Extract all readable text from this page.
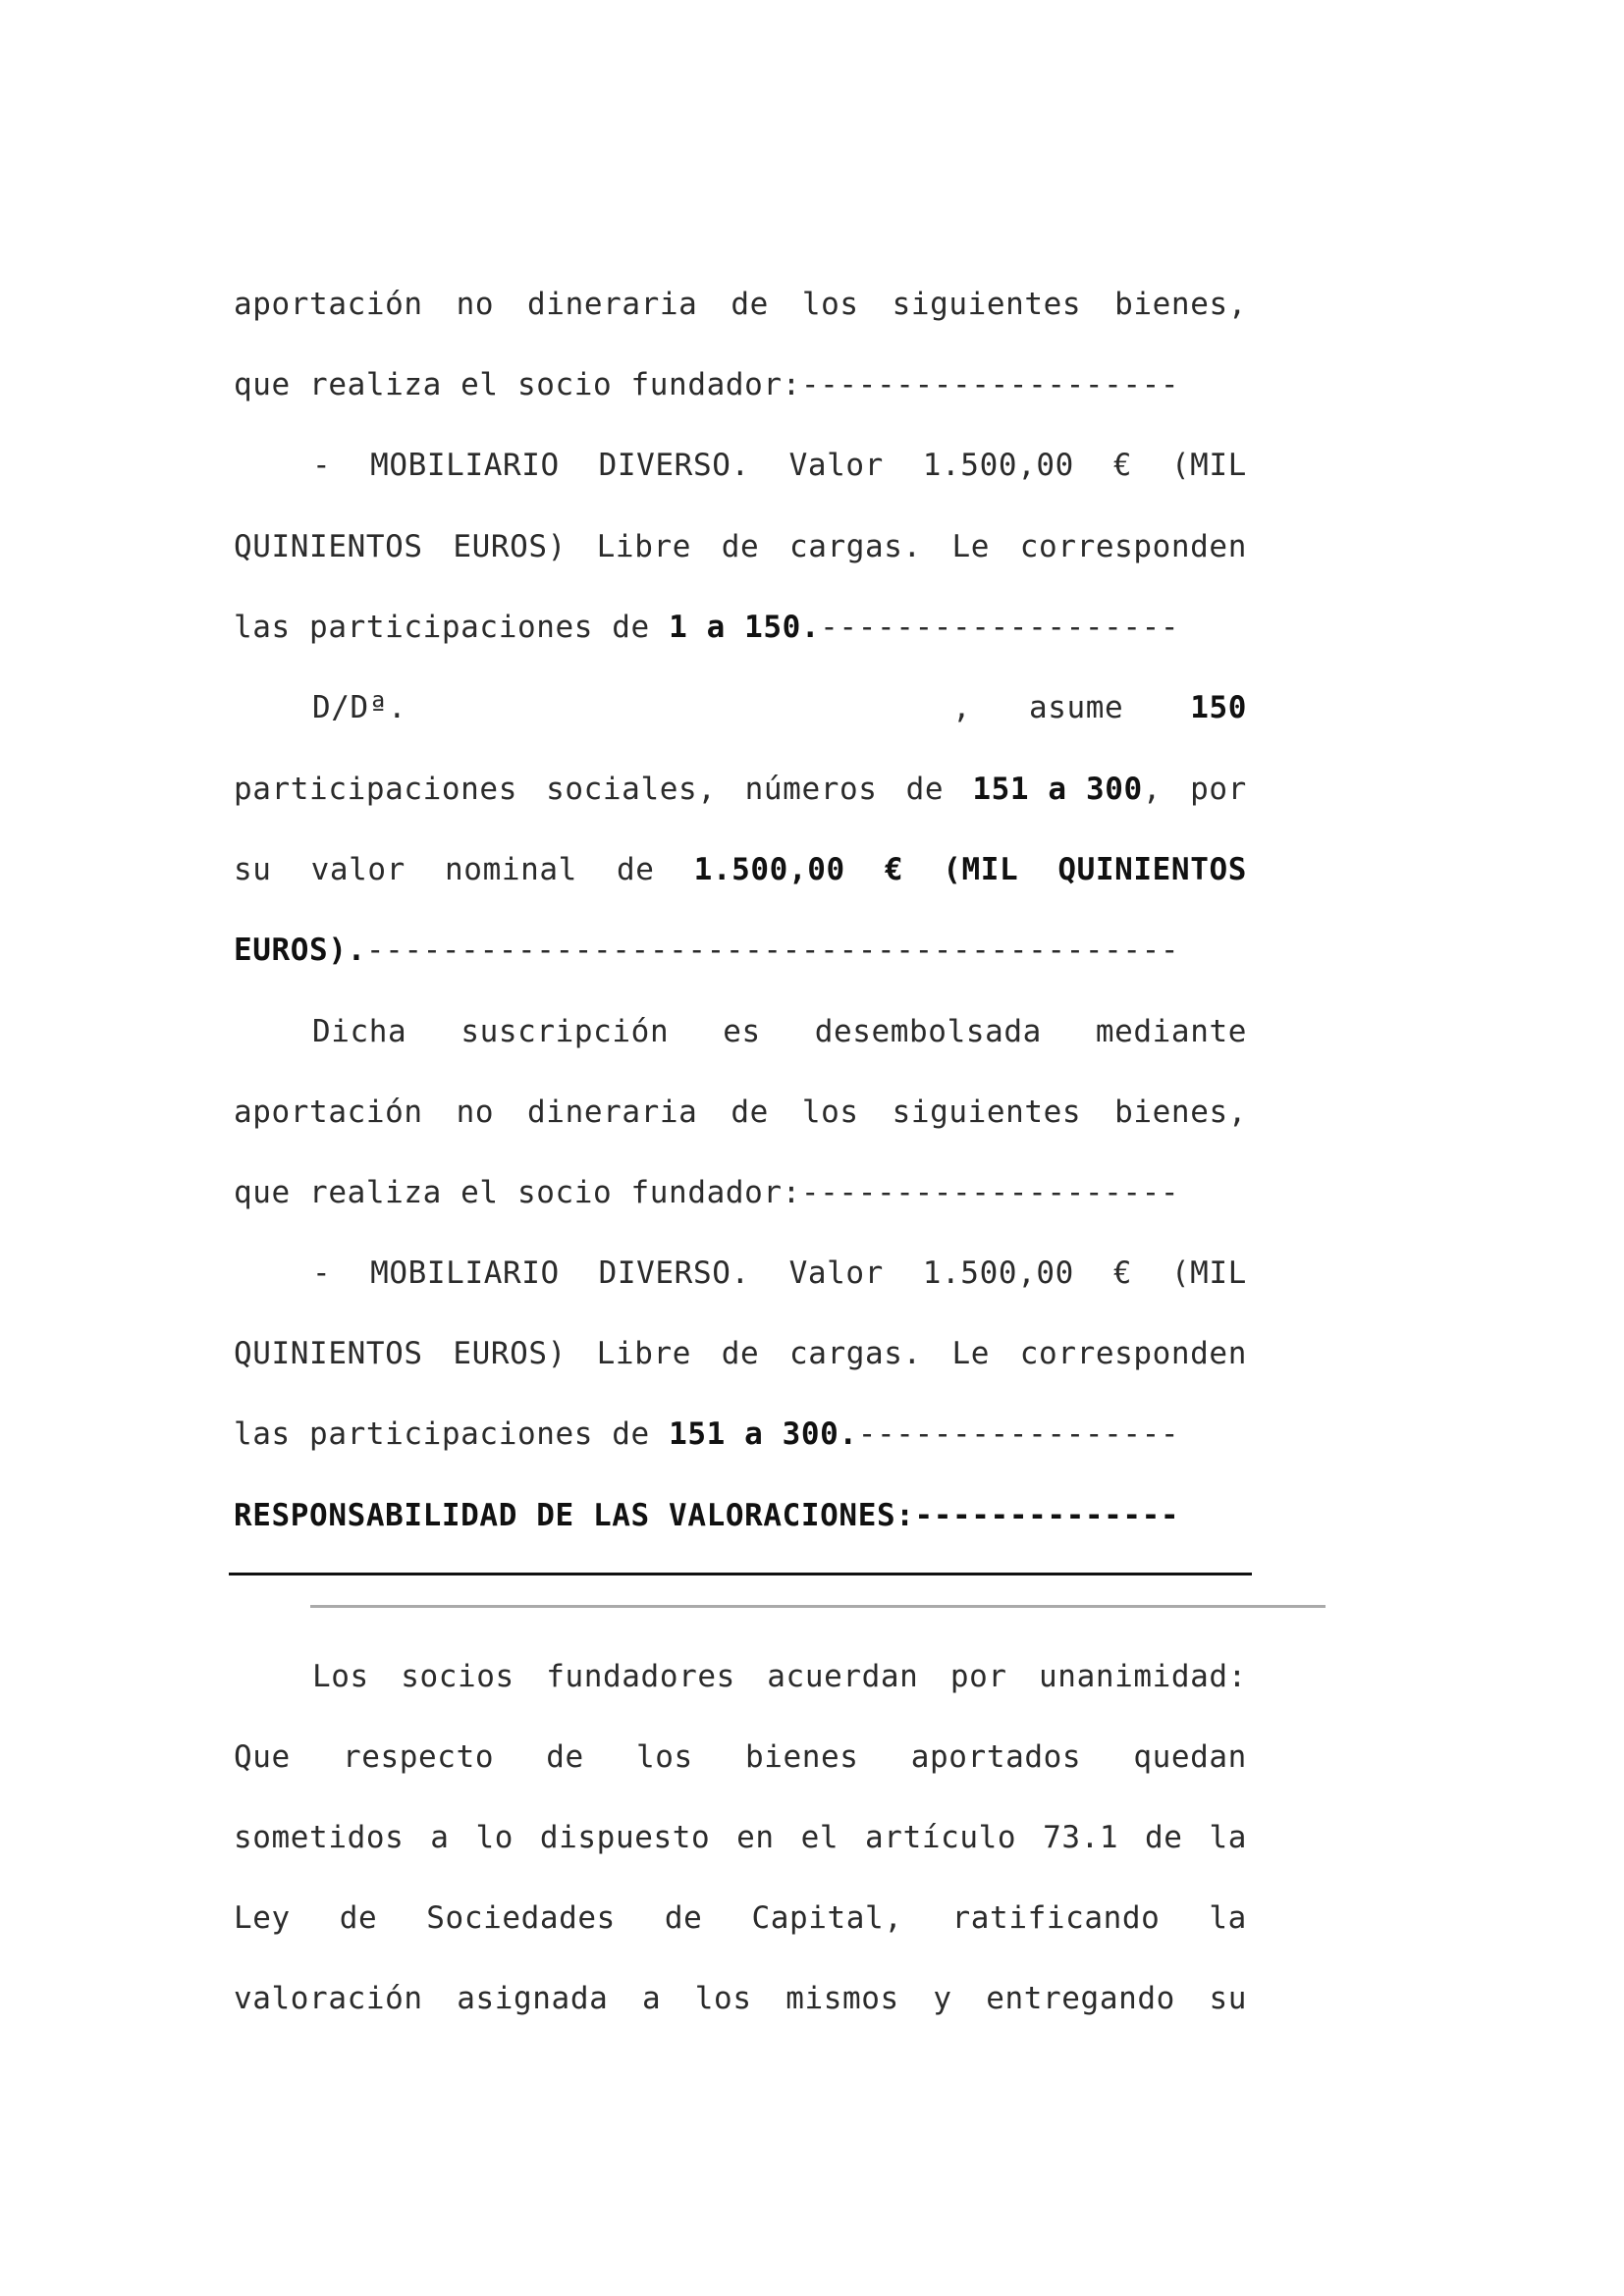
aportación no dineraria de los siguientes bienes,
que realiza el socio fundador:--------------------
- MOBILIARIO DIVERSO. Valor 1.500,00 € (MIL
QUINIENTOS EUROS) Libre de cargas. Le corresponden
las participaciones de 1 a 150.-------------------
D/Dª.	, asume 150
participaciones sociales, números de 151 a 300, por
su valor nominal de 1.500,00 € (MIL QUINIENTOS
EUROS).-------------------------------------------
Dicha suscripción es desembolsada mediante
aportación no dineraria de los siguientes bienes,
que realiza el socio fundador:--------------------
- MOBILIARIO DIVERSO. Valor 1.500,00 € (MIL
QUINIENTOS EUROS) Libre de cargas. Le corresponden
las participaciones de 151 a 300.-----------------
RESPONSABILIDAD DE LAS VALORACIONES:--------------
Los socios fundadores acuerdan por unanimidad:
Que respecto de los bienes aportados quedan
sometidos a lo dispuesto en el artículo 73.1 de la
Ley de Sociedades de Capital, ratificando la
valoración asignada a los mismos y entregando su
